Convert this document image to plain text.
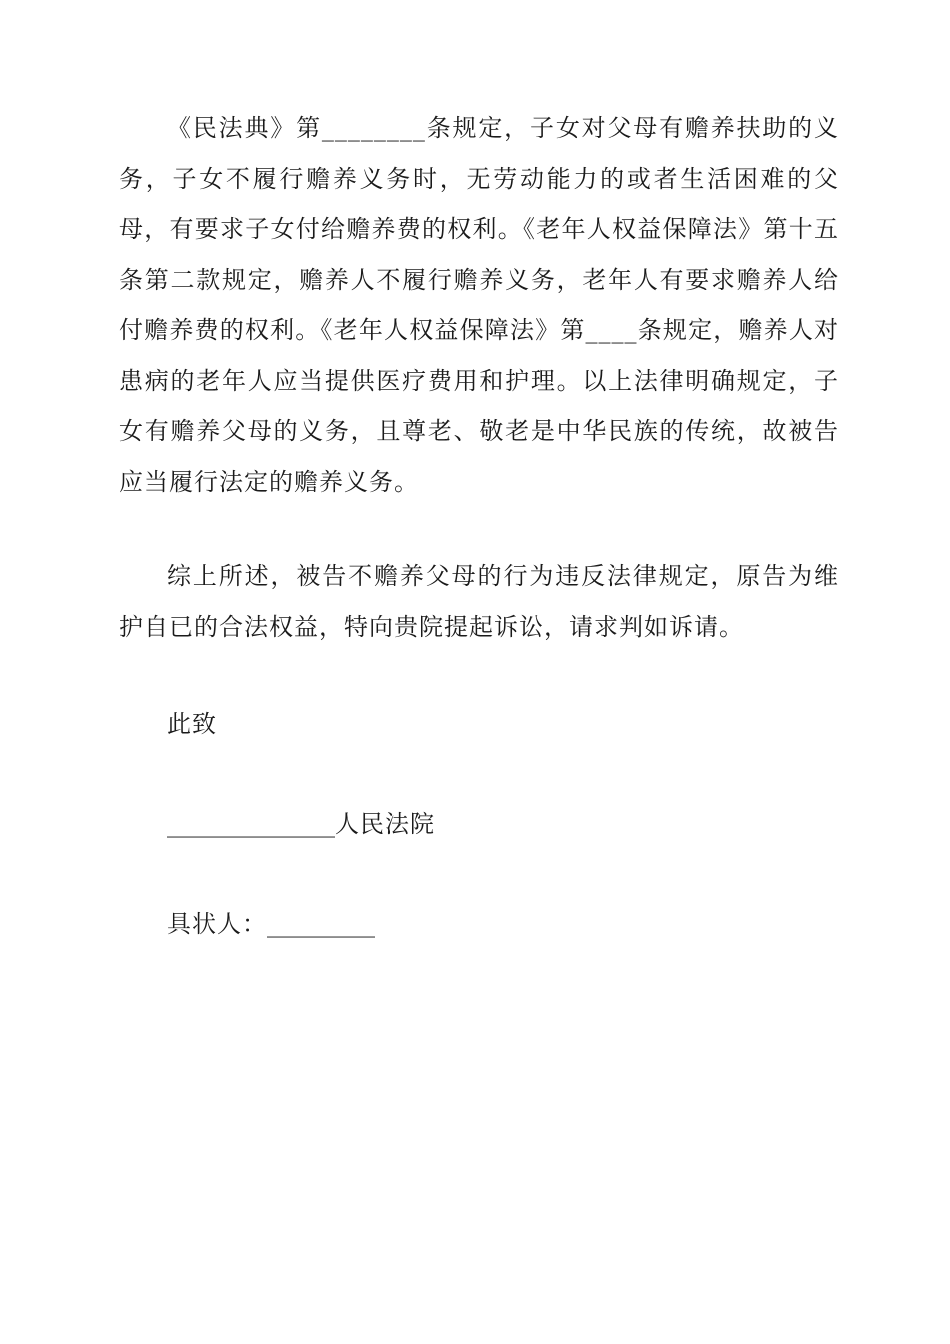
《民法典》第________条规定，子女对父母有赡养扶助的义务，子女不履行赡养义务时，无劳动能力的或者生活困难的父母，有要求子女付给赡养费的权利。《老年人权益保障法》第十五条第二款规定，赡养人不履行赡养义务，老年人有要求赡养人给付赡养费的权利。《老年人权益保障法》第____条规定，赡养人对患病的老年人应当提供医疗费用和护理。以上法律明确规定，子女有赡养父母的义务，且尊老、敬老是中华民族的传统，故被告应当履行法定的赡养义务。

综上所述，被告不赡养父母的行为违反法律规定，原告为维护自已的合法权益，特向贵院提起诉讼，请求判如诉请。

此致

______________人民法院

具状人：_________
